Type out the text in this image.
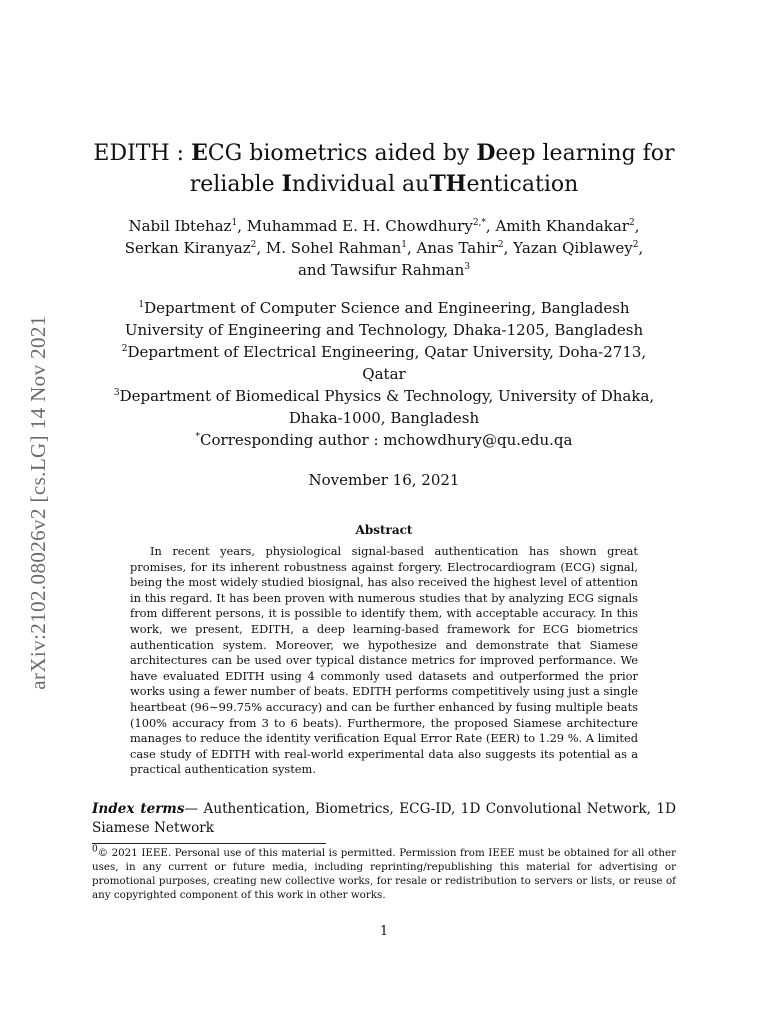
arXiv:2102.08026v2 [cs.LG] 14 Nov 2021
EDITH : ECG biometrics aided by Deep learning for
reliable Individual auTHentication
Nabil Ibtehaz$^1$, Muhammad E. H. Chowdhury$^{2,*}$, Amith Khandakar$^2$,
Serkan Kiranyaz$^2$, M. Sohel Rahman$^1$, Anas Tahir$^2$, Yazan Qiblawey$^2$,
and Tawsifur Rahman$^3$
$^1$Department of Computer Science and Engineering, Bangladesh
University of Engineering and Technology, Dhaka-1205, Bangladesh
$^2$Department of Electrical Engineering, Qatar University, Doha-2713,
Qatar
$^3$Department of Biomedical Physics & Technology, University of Dhaka,
Dhaka-1000, Bangladesh
*Corresponding author : mchowdhury@qu.edu.qa
November 16, 2021
Abstract
In recent years, physiological signal-based authentication has shown great promises, for its inherent robustness against forgery. Electrocardiogram (ECG) signal, being the most widely studied biosignal, has also received the highest level of attention in this regard. It has been proven with numerous studies that by analyzing ECG signals from different persons, it is possible to identify them, with acceptable accuracy. In this work, we present, EDITH, a deep learning-based framework for ECG biometrics authentication system. Moreover, we hypothesize and demonstrate that Siamese architectures can be used over typical distance metrics for improved performance. We have evaluated EDITH using 4 commonly used datasets and outperformed the prior works using a fewer number of beats. EDITH performs competitively using just a single heartbeat (96∼99.75% accuracy) and can be further enhanced by fusing multiple beats (100% accuracy from 3 to 6 beats). Furthermore, the proposed Siamese architecture manages to reduce the identity verification Equal Error Rate (EER) to 1.29 %. A limited case study of EDITH with real-world experimental data also suggests its potential as a practical authentication system.
Index terms— Authentication, Biometrics, ECG-ID, 1D Convolutional Network, 1D Siamese Network
$^0$© 2021 IEEE. Personal use of this material is permitted. Permission from IEEE must be obtained for all other uses, in any current or future media, including reprinting/republishing this material for advertising or promotional purposes, creating new collective works, for resale or redistribution to servers or lists, or reuse of any copyrighted component of this work in other works.
1
